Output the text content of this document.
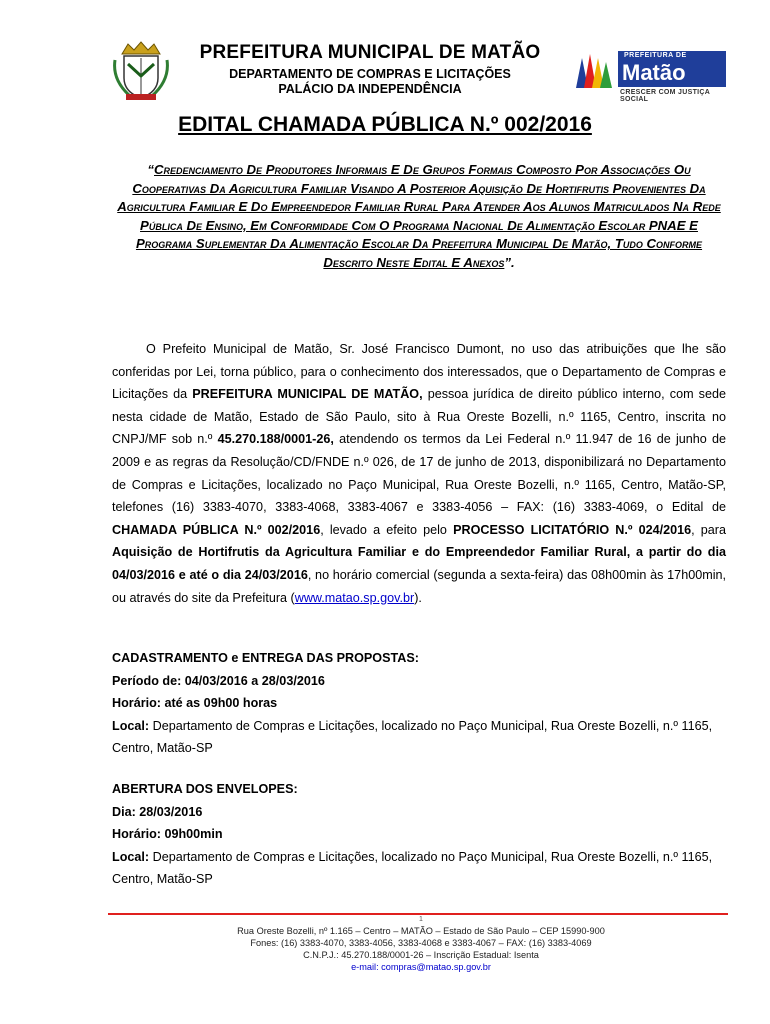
PREFEITURA MUNICIPAL DE MATÃO
DEPARTAMENTO DE COMPRAS E LICITAÇÕES
PALÁCIO DA INDEPENDÊNCIA
PREFEITURA DE
Matão
CRESCER COM JUSTIÇA SOCIAL
EDITAL CHAMADA PÚBLICA N.º 002/2016
“Credenciamento De Produtores Informais E De Grupos Formais Composto Por Associações Ou Cooperativas Da Agricultura Familiar Visando A Posterior Aquisição De Hortifrutis Provenientes Da Agricultura Familiar E Do Empreendedor Familiar Rural Para Atender Aos Alunos Matriculados Na Rede Pública De Ensino, Em Conformidade Com O Programa Nacional De Alimentação Escolar PNAE E Programa Suplementar Da Alimentação Escolar Da Prefeitura Municipal De Matão, Tudo Conforme Descrito Neste Edital E Anexos”.
O Prefeito Municipal de Matão, Sr. José Francisco Dumont, no uso das atribuições que lhe são conferidas por Lei, torna público, para o conhecimento dos interessados, que o Departamento de Compras e Licitações da PREFEITURA MUNICIPAL DE MATÃO, pessoa jurídica de direito público interno, com sede nesta cidade de Matão, Estado de São Paulo, sito à Rua Oreste Bozelli, n.º 1165, Centro, inscrita no CNPJ/MF sob n.º 45.270.188/0001-26, atendendo os termos da Lei Federal n.º 11.947 de 16 de junho de 2009 e as regras da Resolução/CD/FNDE n.º 026, de 17 de junho de 2013, disponibilizará no Departamento de Compras e Licitações, localizado no Paço Municipal, Rua Oreste Bozelli, n.º 1165, Centro, Matão-SP, telefones (16) 3383-4070, 3383-4068, 3383-4067 e 3383-4056 – FAX: (16) 3383-4069, o Edital de CHAMADA PÚBLICA N.º 002/2016, levado a efeito pelo PROCESSO LICITATÓRIO N.º 024/2016, para Aquisição de Hortifrutis da Agricultura Familiar e do Empreendedor Familiar Rural, a partir do dia 04/03/2016 e até o dia 24/03/2016, no horário comercial (segunda a sexta-feira) das 08h00min às 17h00min, ou através do site da Prefeitura (www.matao.sp.gov.br).
CADASTRAMENTO e ENTREGA DAS PROPOSTAS:
Período de: 04/03/2016 a 28/03/2016
Horário: até as 09h00 horas
Local: Departamento de Compras e Licitações, localizado no Paço Municipal, Rua Oreste Bozelli, n.º 1165, Centro, Matão-SP
ABERTURA DOS ENVELOPES:
Dia: 28/03/2016
Horário: 09h00min
Local: Departamento de Compras e Licitações, localizado no Paço Municipal, Rua Oreste Bozelli, n.º 1165, Centro, Matão-SP
1
Rua Oreste Bozelli, nº 1.165 – Centro – MATÃO – Estado de São Paulo – CEP 15990-900
Fones: (16) 3383-4070, 3383-4056, 3383-4068 e 3383-4067 – FAX: (16) 3383-4069
C.N.P.J.: 45.270.188/0001-26 – Inscrição Estadual: Isenta
e-mail: compras@matao.sp.gov.br
